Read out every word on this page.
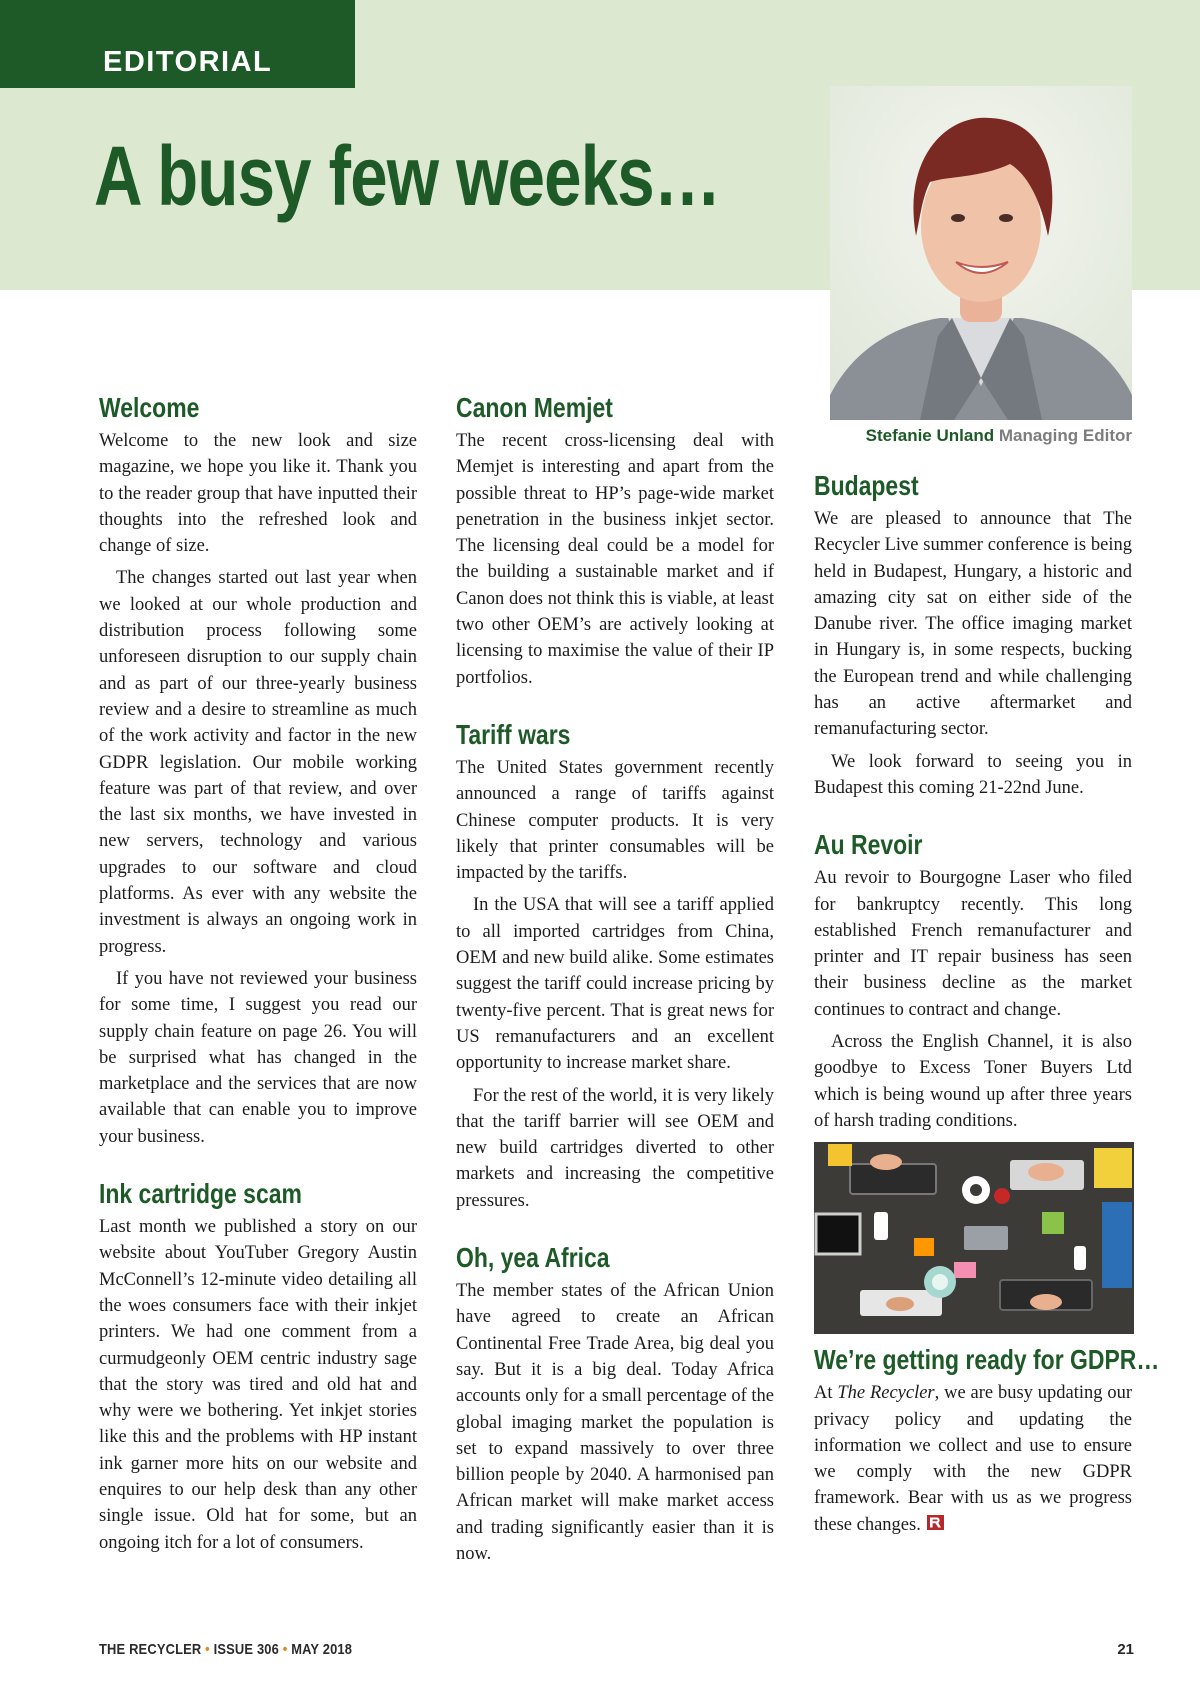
EDITORIAL
A busy few weeks…
Stefanie Unland Managing Editor
Welcome

Welcome to the new look and size magazine, we hope you like it. Thank you to the reader group that have inputted their thoughts into the refreshed look and change of size.

The changes started out last year when we looked at our whole production and distribution process following some unforeseen disruption to our supply chain and as part of our three-yearly business review and a desire to streamline as much of the work activity and factor in the new GDPR legislation. Our mobile working feature was part of that review, and over the last six months, we have invested in new servers, technology and various upgrades to our software and cloud platforms. As ever with any website the investment is always an ongoing work in progress.

If you have not reviewed your business for some time, I suggest you read our supply chain feature on page 26. You will be surprised what has changed in the marketplace and the services that are now available that can enable you to improve your business.

Ink cartridge scam

Last month we published a story on our website about YouTuber Gregory Austin McConnell’s 12-minute video detailing all the woes consumers face with their inkjet printers. We had one comment from a curmudgeonly OEM centric industry sage that the story was tired and old hat and why were we bothering. Yet inkjet stories like this and the problems with HP instant ink garner more hits on our website and enquires to our help desk than any other single issue. Old hat for some, but an ongoing itch for a lot of consumers.

Canon Memjet

The recent cross-licensing deal with Memjet is interesting and apart from the possible threat to HP’s page-wide market penetration in the business inkjet sector. The licensing deal could be a model for the building a sustainable market and if Canon does not think this is viable, at least two other OEM’s are actively looking at licensing to maximise the value of their IP portfolios.

Tariff wars

The United States government recently announced a range of tariffs against Chinese computer products. It is very likely that printer consumables will be impacted by the tariffs.

In the USA that will see a tariff applied to all imported cartridges from China, OEM and new build alike. Some estimates suggest the tariff could increase pricing by twenty-five percent. That is great news for US remanufacturers and an excellent opportunity to increase market share.

For the rest of the world, it is very likely that the tariff barrier will see OEM and new build cartridges diverted to other markets and increasing the competitive pressures.

Oh, yea Africa

The member states of the African Union have agreed to create an African Continental Free Trade Area, big deal you say. But it is a big deal. Today Africa accounts only for a small percentage of the global imaging market the population is set to expand massively to over three billion people by 2040. A harmonised pan African market will make market access and trading significantly easier than it is now.

Budapest

We are pleased to announce that The Recycler Live summer conference is being held in Budapest, Hungary, a historic and amazing city sat on either side of the Danube river. The office imaging market in Hungary is, in some respects, bucking the European trend and while challenging has an active aftermarket and remanufacturing sector.

We look forward to seeing you in Budapest this coming 21-22nd June.

Au Revoir

Au revoir to Bourgogne Laser who filed for bankruptcy recently. This long established French remanufacturer and printer and IT repair business has seen their business decline as the market continues to contract and change.

Across the English Channel, it is also goodbye to Excess Toner Buyers Ltd which is being wound up after three years of harsh trading conditions.

We’re getting ready for GDPR…

At The Recycler, we are busy updating our privacy policy and updating the information we collect and use to ensure we comply with the new GDPR framework. Bear with us as we progress these changes.

THE RECYCLER • ISSUE 306 • MAY 2018	21
